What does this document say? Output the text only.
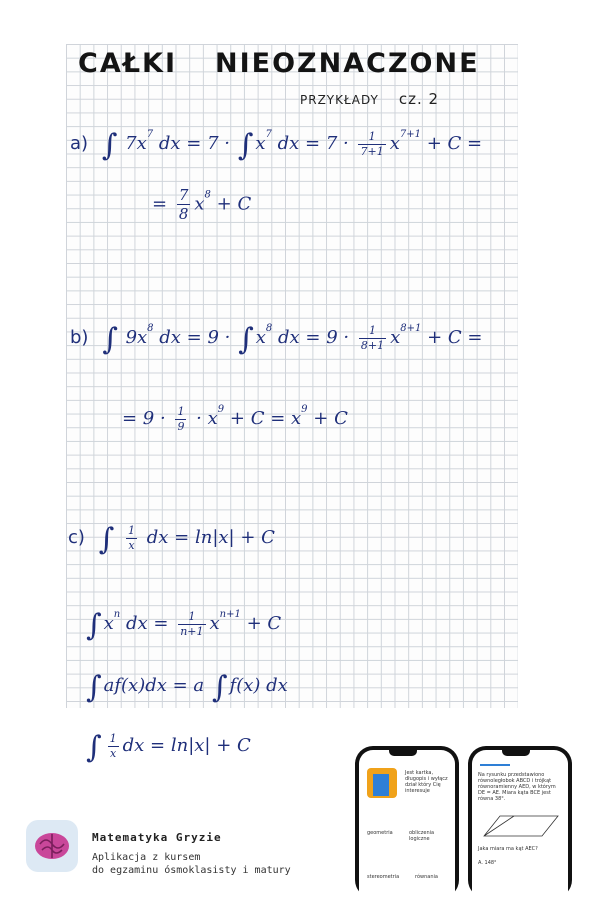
CAŁKI NIEOZNACZONE
PRZYKŁADY cz. 2
a) ∫ $7x^7$ dx = 7 · ∫ $x^7$ dx = $7 \cdot \frac{1}{7+1} x^{7+1} + C$ =
= $\frac{7}{8} x^8 + C$
b) ∫ $9x^8$ dx = 9 · ∫ $x^8$ dx = $9 \cdot \frac{1}{8+1} x^{8+1} + C$ =
= $9 \cdot \frac{1}{9} \cdot x^9 + C = x^9 + C$
c) ∫ $\frac{1}{x}$ dx = ln|x| + C
∫ $x^n$ dx = $\frac{1}{n+1} x^{n+1} + C$
∫ af(x)dx = a ∫ f(x) dx
∫ $\frac{1}{x}$ dx = ln|x| + C
Matematyka Gryzie
Aplikacja z kursem
do egzaminu ósmoklasisty i matury
Jest kartka, długopis i wyłącz dział który Cię interesuje
geometria	obliczenia logiczne
stereometria	równania
Na rysunku przedstawiono równoległobok ABCD i trójkąt równoramienny AED, w którym DE = AE. Miara kąta BCE jest równa 38°.
Jaka miara ma kąt AEC?
A. 148°
